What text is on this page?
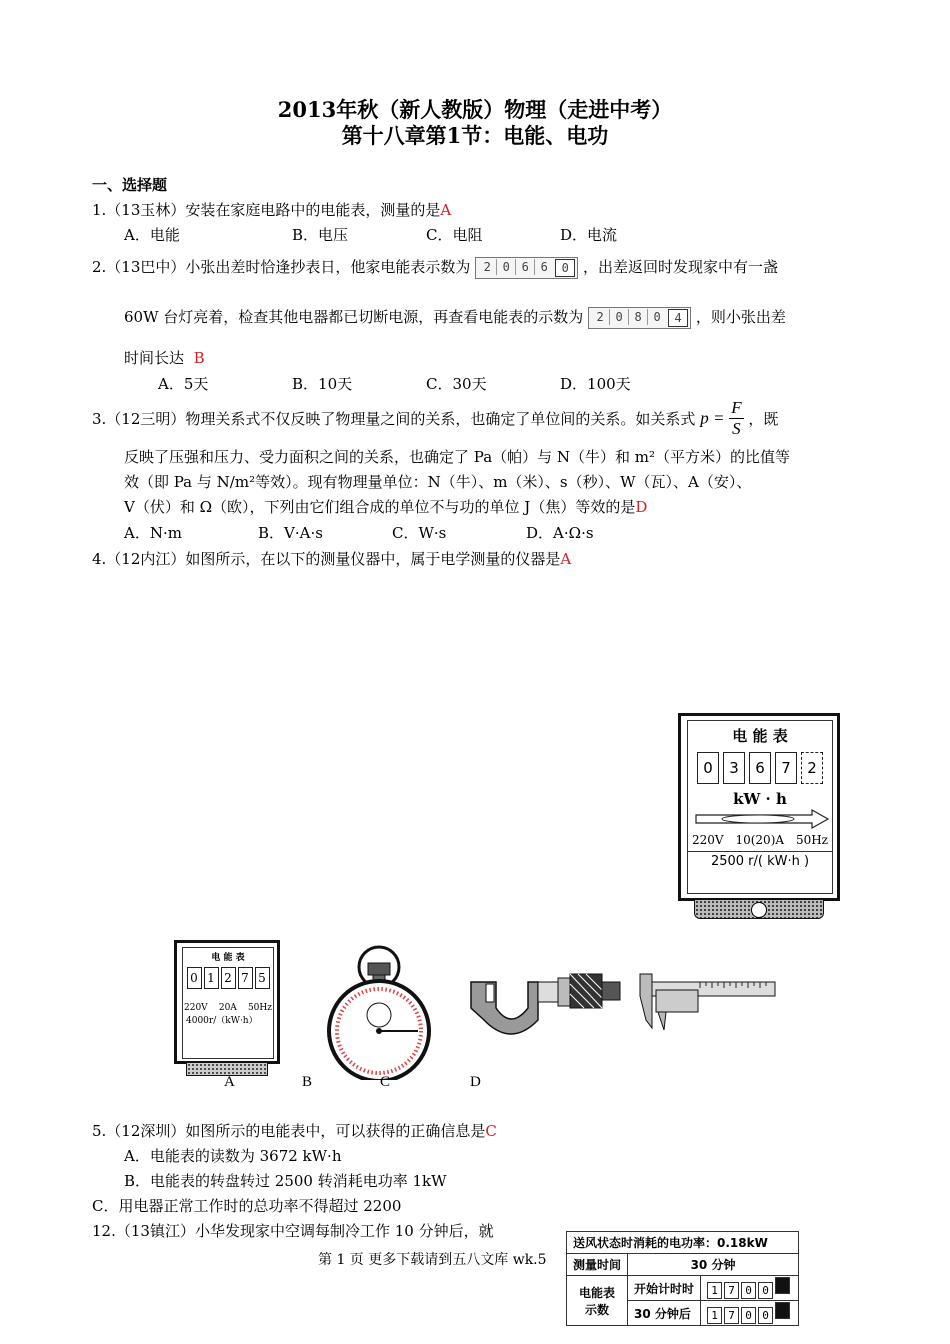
2013年秋（新人教版）物理（走进中考）
第十八章第1节：电能、电功
一、选择题
1.（13玉林）安装在家庭电路中的电能表，测量的是A
A．电能	B．电压	C．电阻	D．电流
2.（13巴中）小张出差时恰逢抄表日，他家电能表示数为	2 0 6 6	0 ，出差返回时发现家中有一盏
60W 台灯亮着，检查其他电器都已切断电源，再查看电能表的示数为	2 0 8 0	4 ，则小张出差
时间长达 B
A．5天	B．10天	C．30天	D．100天
3.（12三明）物理关系式不仅反映了物理量之间的关系，也确定了单位间的关系。如关系式 $p = \frac{F}{S}$ ，既
反映了压强和压力、受力面积之间的关系，也确定了 Pa（帕）与 N（牛）和 m²（平方米）的比值等
效（即 Pa 与 N/m²等效）。现有物理量单位：N（牛）、m（米）、s（秒）、W（瓦）、A（安）、
V（伏）和 Ω（欧），下列由它们组合成的单位不与功的单位 J（焦）等效的是D
A．N·m	B．V·A·s	C．W·s	D．A·Ω·s
4.（12内江）如图所示，在以下的测量仪器中，属于电学测量的仪器是A
电 能 表
0	3	6	7	2
kW · h
220V 10(20)A 50Hz
2500 r/( kW·h )
电 能 表
0 1 2 7 5
220V 20A 50Hz
4000r/（kW·h）
A	B	C	D
5.（12深圳）如图所示的电能表中，可以获得的正确信息是C
A．电能表的读数为 3672 kW·h
B．电能表的转盘转过 2500 转消耗电功率 1kW
C．用电器正常工作时的总功率不得超过 2200
12.（13镇江）小华发现家中空调每制冷工作 10 分钟后，就
第 1 页 更多下载请到五八文库 wk.5
送风状态时消耗的电功率：0.18kW		
测量时间	30 分钟	

电能表
示数	开始计时时	1 7 0 0
	30 分钟后	1 7 0 0
